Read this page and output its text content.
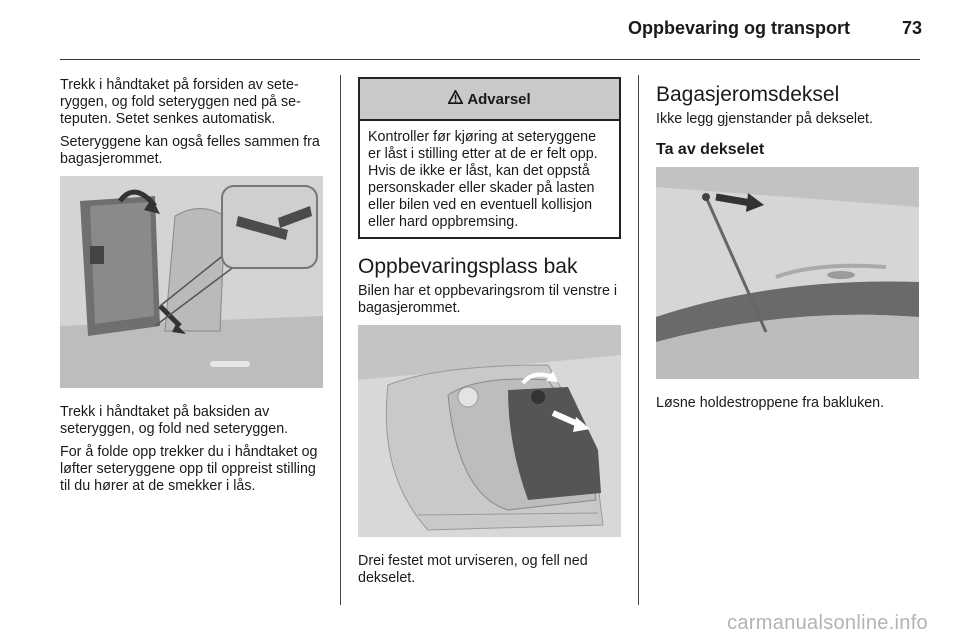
Oppbevaring og transport	73

Trekk i håndtaket på forsiden av seteryggen, og fold seteryggen ned på seteputen. Setet senkes automatisk.

Seteryggene kan også felles sammen fra bagasjerommet.

Trekk i håndtaket på baksiden av seteryggen, og fold ned seteryggen.

For å folde opp trekker du i håndtaket og løfter seteryggene opp til oppreist stilling til du hører at de smekker i lås.

Advarsel

Kontroller før kjøring at seteryggene er låst i stilling etter at de er felt opp. Hvis de ikke er låst, kan det oppstå personskader eller skader på lasten eller bilen ved en eventuell kollisjon eller hard oppbremsing.

Oppbevaringsplass bak

Bilen har et oppbevaringsrom til venstre i bagasjerommet.

Drei festet mot urviseren, og fell ned dekselet.

Bagasjeromsdeksel

Ikke legg gjenstander på dekselet.

Ta av dekselet

Løsne holdestroppene fra bakluken.

carmanualsonline.info
